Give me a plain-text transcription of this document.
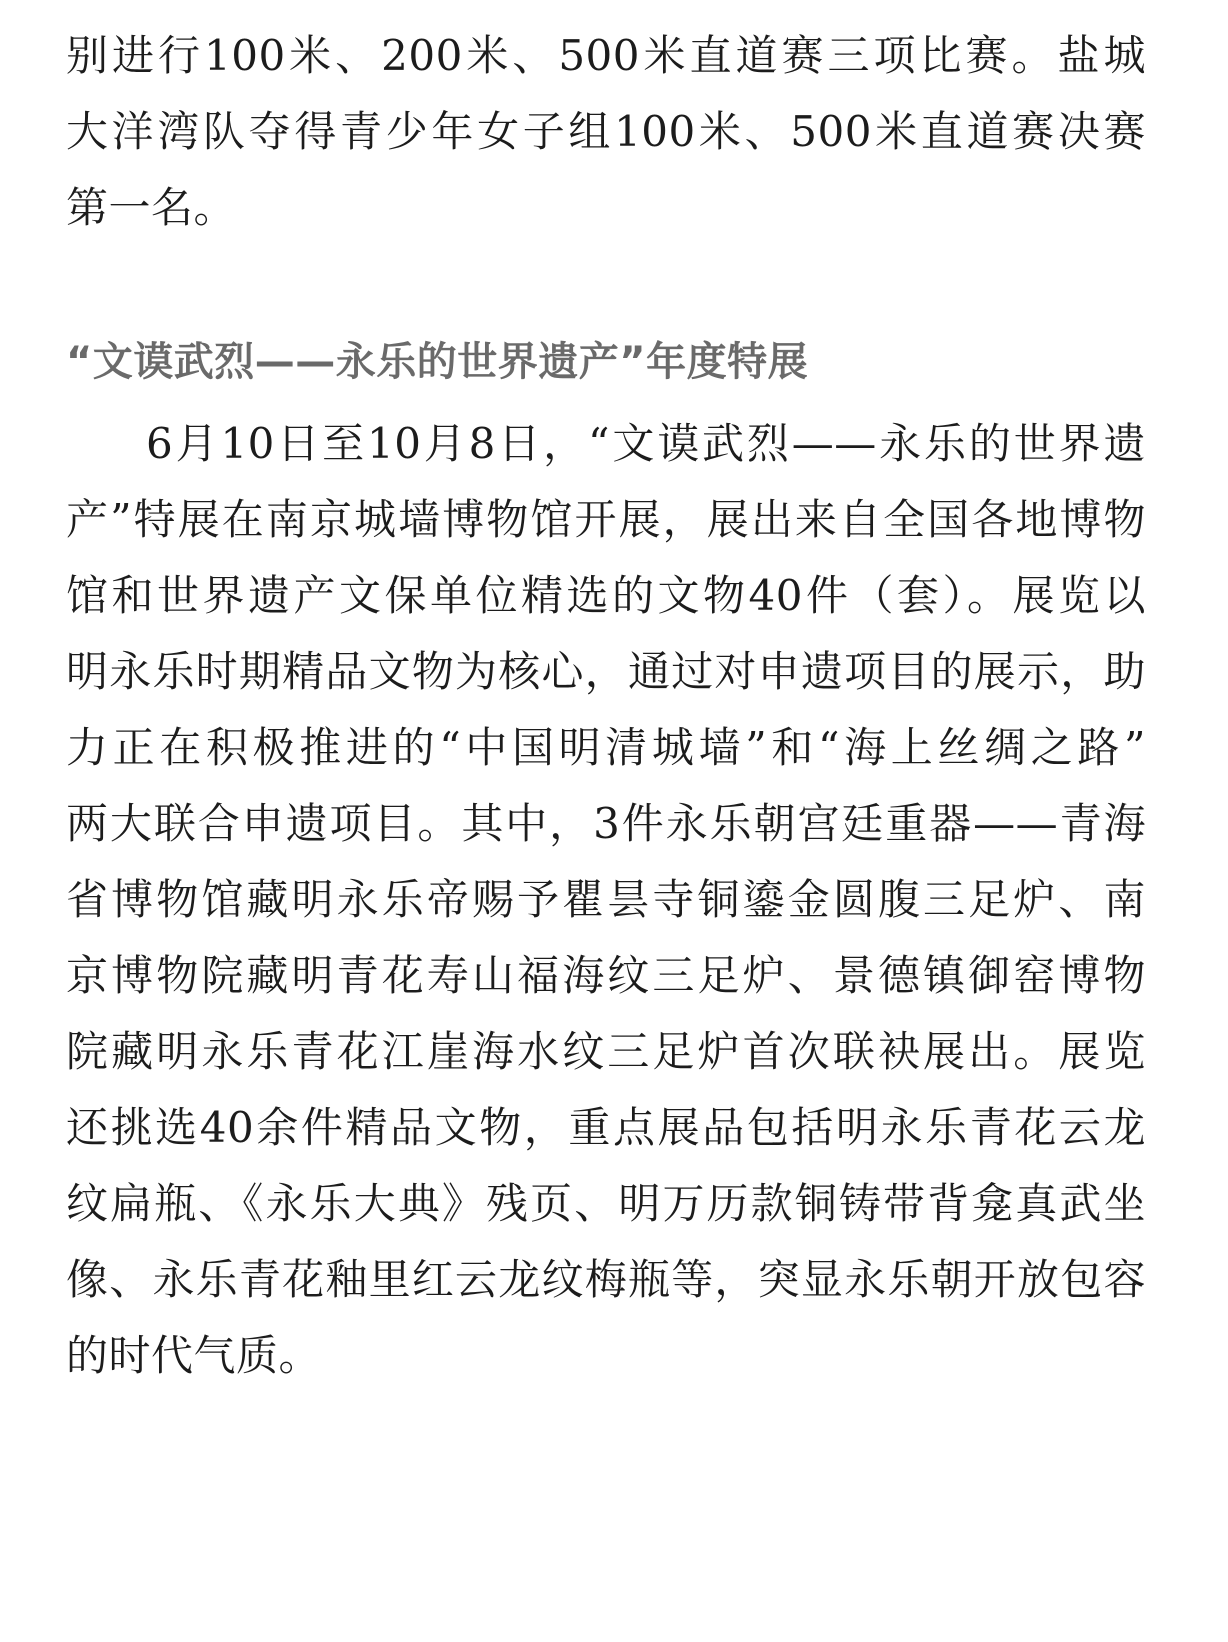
别进行100米、200米、500米直道赛三项比赛。盐城
大洋湾队夺得青少年女子组100米、500米直道赛决赛
第一名。
“文谟武烈——永乐的世界遗产”年度特展
6月10日至10月8日，“文谟武烈——永乐的世界遗
产”特展在南京城墙博物馆开展，展出来自全国各地博物
馆和世界遗产文保单位精选的文物40件（套）。展览以
明永乐时期精品文物为核心，通过对申遗项目的展示，助
力正在积极推进的“中国明清城墙”和“海上丝绸之路”
两大联合申遗项目。其中，3件永乐朝宫廷重器——青海
省博物馆藏明永乐帝赐予瞿昙寺铜鎏金圆腹三足炉、南
京博物院藏明青花寿山福海纹三足炉、景德镇御窑博物
院藏明永乐青花江崖海水纹三足炉首次联袂展出。展览
还挑选40余件精品文物，重点展品包括明永乐青花云龙
纹扁瓶、《永乐大典》残页、明万历款铜铸带背龛真武坐
像、永乐青花釉里红云龙纹梅瓶等，突显永乐朝开放包容
的时代气质。
